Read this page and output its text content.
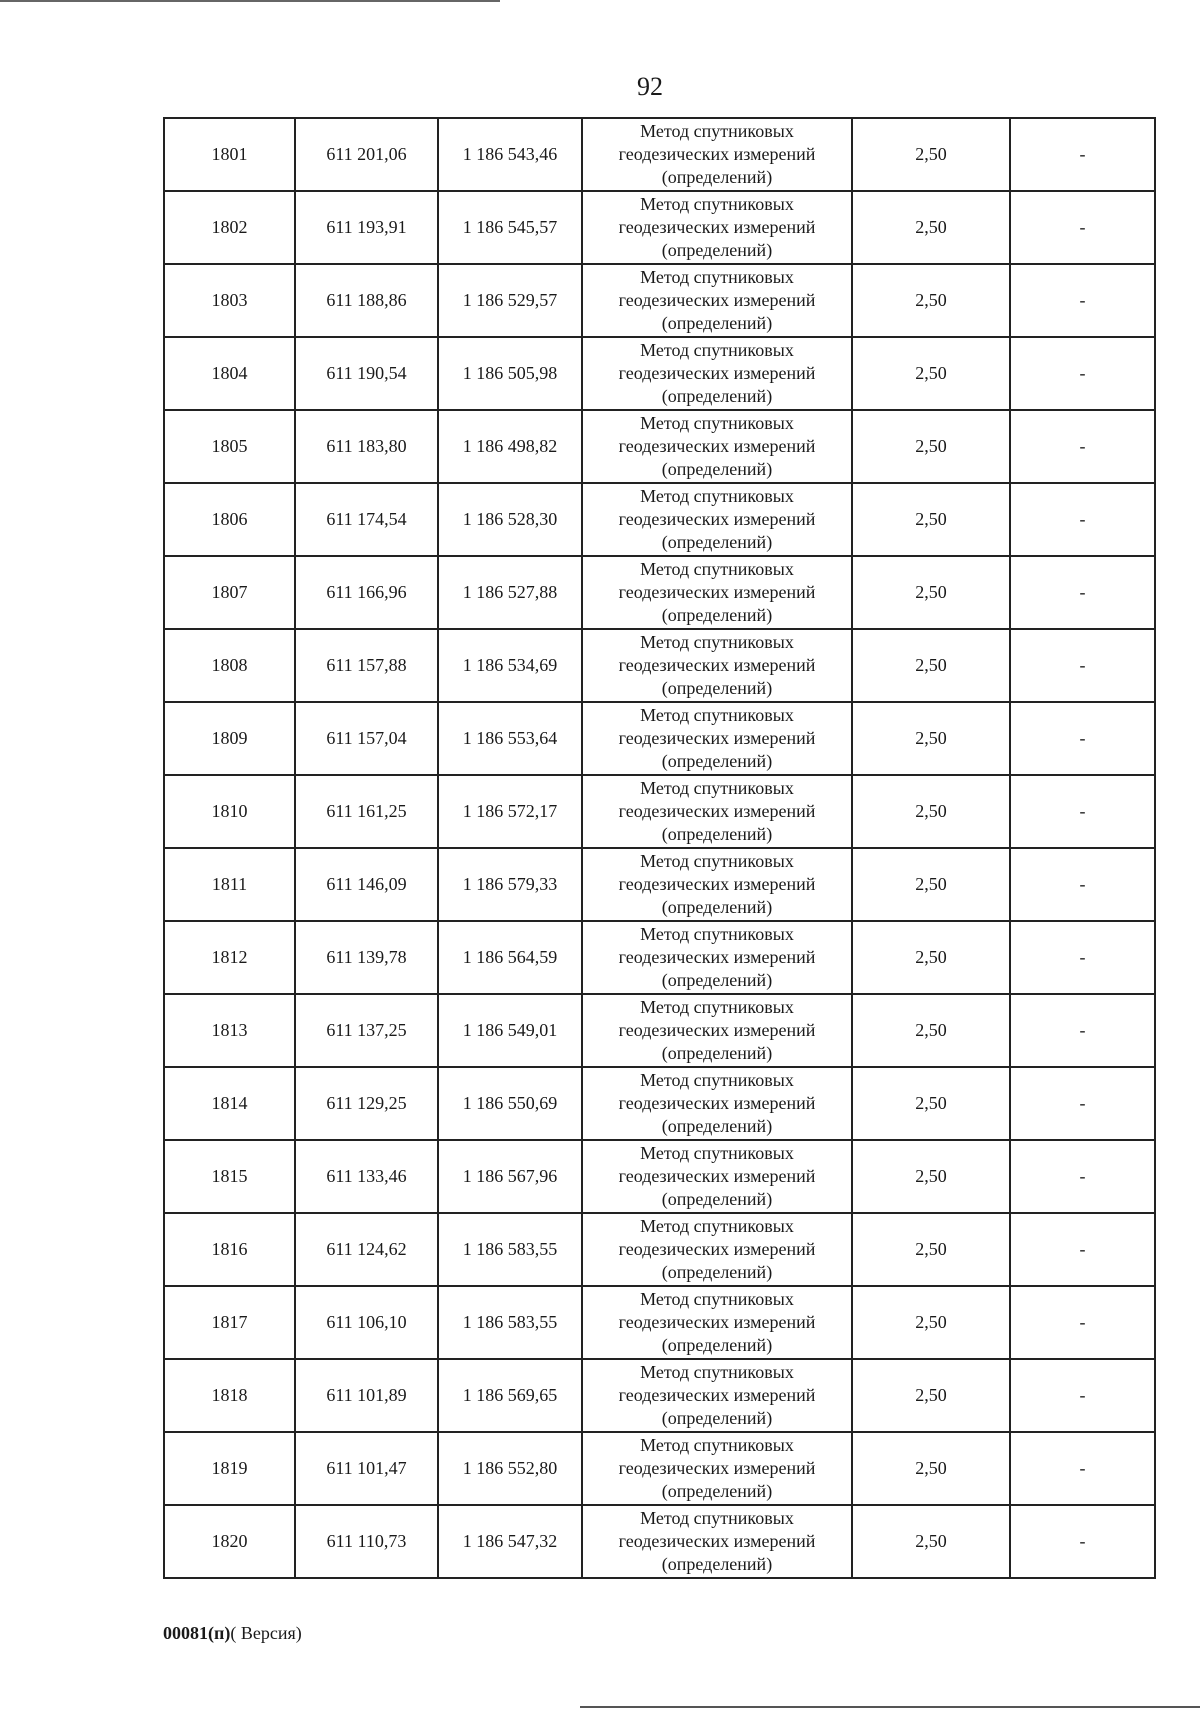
92
1801	611 201,06	1 186 543,46	Метод спутниковых
геодезических измерений
(определений)	2,50	-
1802	611 193,91	1 186 545,57	Метод спутниковых
геодезических измерений
(определений)	2,50	-
1803	611 188,86	1 186 529,57	Метод спутниковых
геодезических измерений
(определений)	2,50	-
1804	611 190,54	1 186 505,98	Метод спутниковых
геодезических измерений
(определений)	2,50	-
1805	611 183,80	1 186 498,82	Метод спутниковых
геодезических измерений
(определений)	2,50	-
1806	611 174,54	1 186 528,30	Метод спутниковых
геодезических измерений
(определений)	2,50	-
1807	611 166,96	1 186 527,88	Метод спутниковых
геодезических измерений
(определений)	2,50	-
1808	611 157,88	1 186 534,69	Метод спутниковых
геодезических измерений
(определений)	2,50	-
1809	611 157,04	1 186 553,64	Метод спутниковых
геодезических измерений
(определений)	2,50	-
1810	611 161,25	1 186 572,17	Метод спутниковых
геодезических измерений
(определений)	2,50	-
1811	611 146,09	1 186 579,33	Метод спутниковых
геодезических измерений
(определений)	2,50	-
1812	611 139,78	1 186 564,59	Метод спутниковых
геодезических измерений
(определений)	2,50	-
1813	611 137,25	1 186 549,01	Метод спутниковых
геодезических измерений
(определений)	2,50	-
1814	611 129,25	1 186 550,69	Метод спутниковых
геодезических измерений
(определений)	2,50	-
1815	611 133,46	1 186 567,96	Метод спутниковых
геодезических измерений
(определений)	2,50	-
1816	611 124,62	1 186 583,55	Метод спутниковых
геодезических измерений
(определений)	2,50	-
1817	611 106,10	1 186 583,55	Метод спутниковых
геодезических измерений
(определений)	2,50	-
1818	611 101,89	1 186 569,65	Метод спутниковых
геодезических измерений
(определений)	2,50	-
1819	611 101,47	1 186 552,80	Метод спутниковых
геодезических измерений
(определений)	2,50	-
1820	611 110,73	1 186 547,32	Метод спутниковых
геодезических измерений
(определений)	2,50	-
00081(п)( Версия)
